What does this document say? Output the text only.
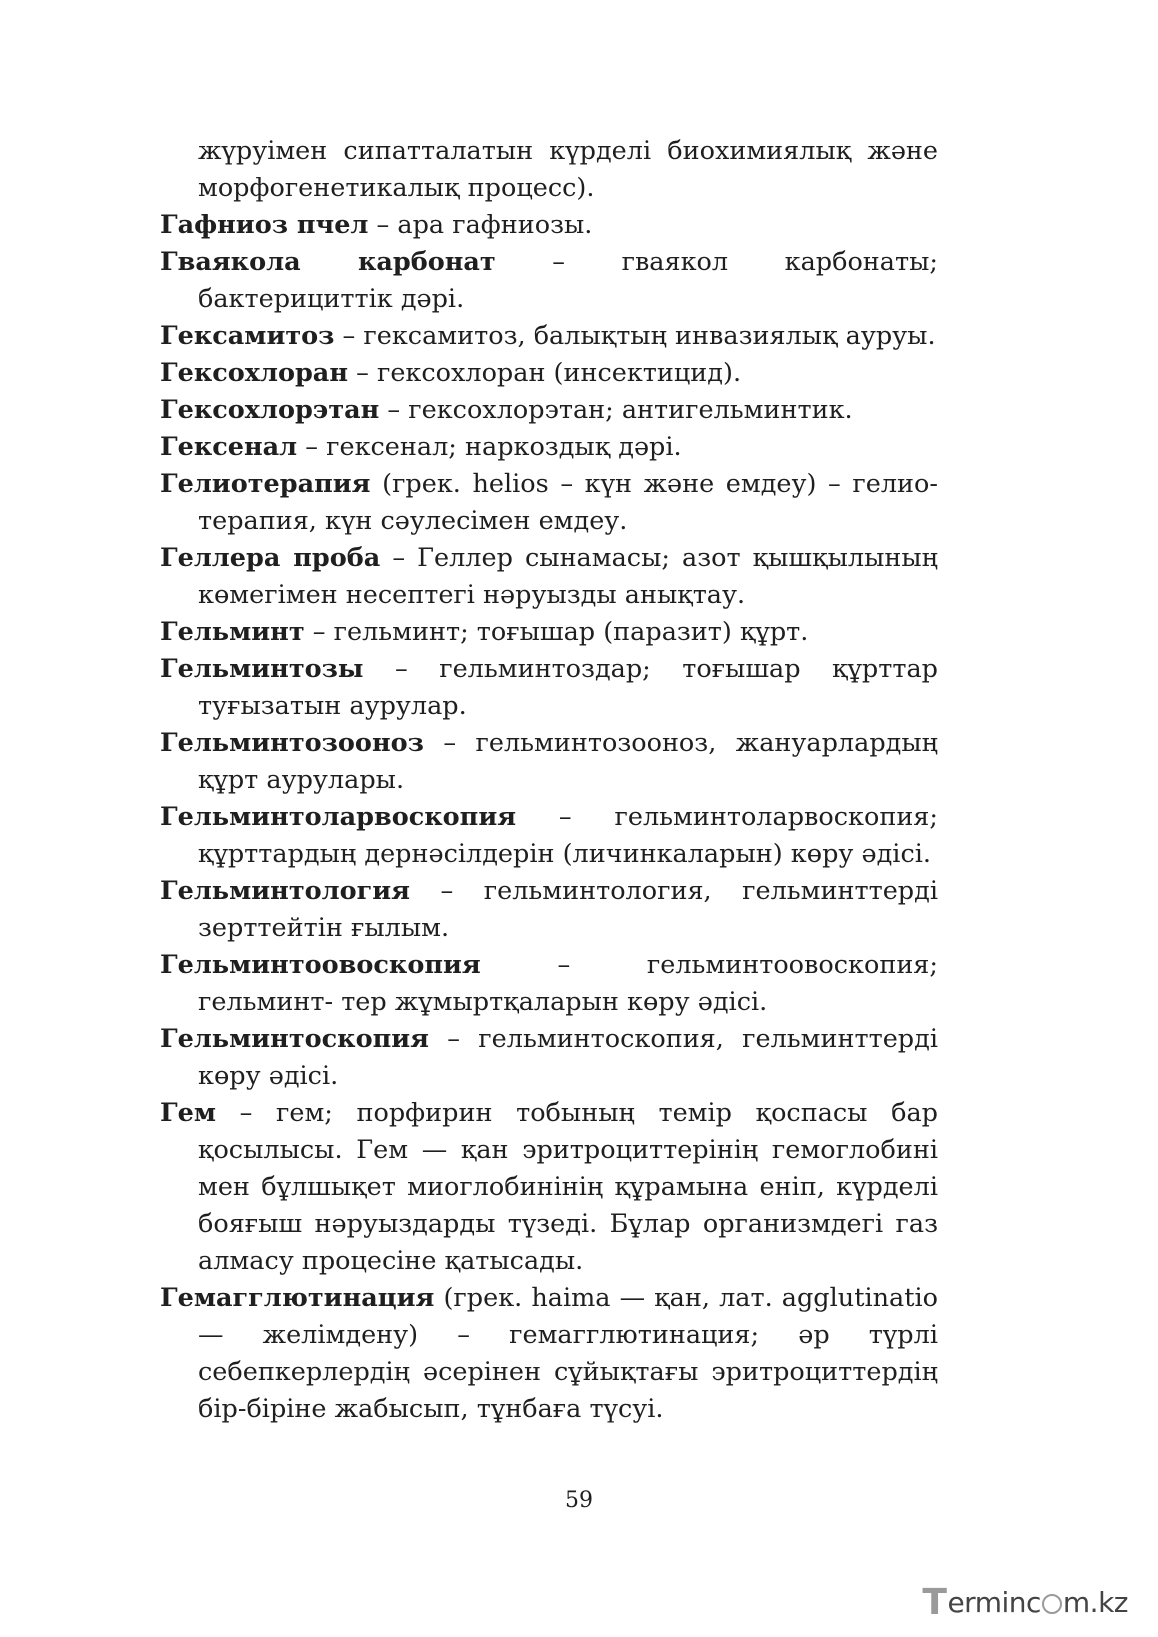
жүруімен сипатталатын күрделі биохимиялық және морфогенетикалық процесс).

Гафниоз пчел – ара гафниозы.

Гваякола карбонат – гваякол карбонаты; бактерициттік дәрі.

Гексамитоз – гексамитоз, балықтың инвазиялық ауруы.

Гексохлоран – гексохлоран (инсектицид).

Гексохлорэтан – гексохлорэтан; антигельминтик.

Гексенал – гексенал; наркоздық дәрі.

Гелиотерапия (грек. helios – күн және емдеу) – гелио- терапия, күн сәулесімен емдеу.

Геллера проба – Геллер сынамасы; азот қышқылының көмегімен несептегі нәруызды анықтау.

Гельминт – гельминт; тоғышар (паразит) құрт.

Гельминтозы – гельминтоздар; тоғышар құрттар туғызатын аурулар.

Гельминтозооноз – гельминтозооноз, жануарлардың құрт аурулары.

Гельминтоларвоскопия – гельминтоларвоскопия; құрттардың дернәсілдерін (личинкаларын) көру әдісі.

Гельминтология – гельминтология, гельминттерді зерттейтін ғылым.

Гельминтоовоскопия – гельминтоовоскопия; гельминт- тер жұмыртқаларын көру әдісі.

Гельминтоскопия – гельминтоскопия, гельминттерді көру әдісі.

Гем – гем; порфирин тобының темір қоспасы бар қосылысы. Гем — қан эритроциттерінің гемоглобині мен бұлшықет миоглобинінің құрамына еніп, күрделі бояғыш нәруыздарды түзеді. Бұлар организмдегі газ алмасу процесіне қатысады.

Гемагглютинация (грек. haima — қан, лат. agglutinatio — желімдену) – гемагглютинация; әр түрлі себепкерлердің әсерінен сұйықтағы эритроциттердің бір-біріне жабысып, тұнбаға түсуі.

59
T erminc m.kz
